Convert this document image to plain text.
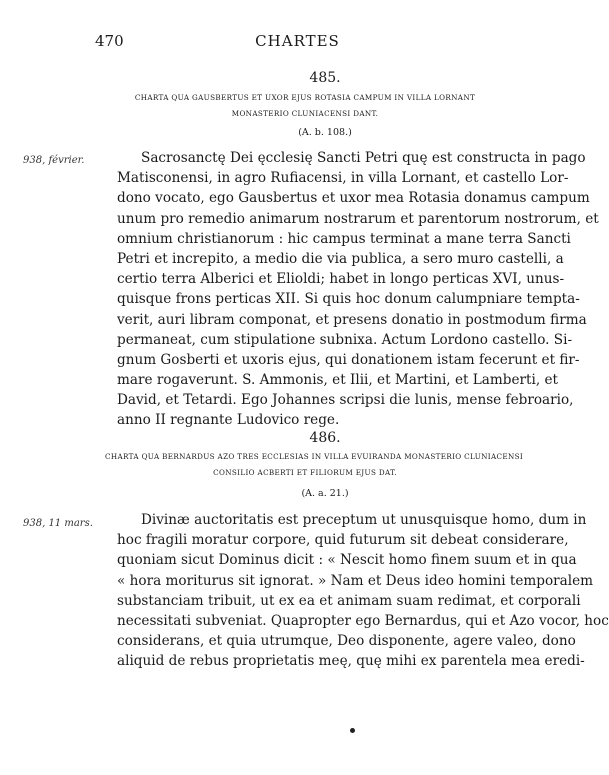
470	CHARTES
485.
CHARTA QUA GAUSBERTUS ET UXOR EJUS ROTASIA CAMPUM IN VILLA LORNANT
MONASTERIO CLUNIACENSI DANT.
(A. b. 108.)
938, février.	Sacrosanctę Dei ęcclesię Sancti Petri quę est constructa in pago
Matisconensi, in agro Rufiacensi, in villa Lornant, et castello Lor-
dono vocato, ego Gausbertus et uxor mea Rotasia donamus campum
unum pro remedio animarum nostrarum et parentorum nostrorum, et
omnium christianorum : hic campus terminat a mane terra Sancti
Petri et increpito, a medio die via publica, a sero muro castelli, a
certio terra Alberici et Elioldi; habet in longo perticas XVI, unus-
quisque frons perticas XII. Si quis hoc donum calumpniare tempta-
verit, auri libram componat, et presens donatio in postmodum firma
permaneat, cum stipulatione subnixa. Actum Lordono castello. Si-
gnum Gosberti et uxoris ejus, qui donationem istam fecerunt et fir-
mare rogaverunt. S. Ammonis, et Ilii, et Martini, et Lamberti, et
David, et Tetardi. Ego Johannes scripsi die lunis, mense febroario,
anno II regnante Ludovico rege.
486.
CHARTA QUA BERNARDUS AZO TRES ECCLESIAS IN VILLA EVUIRANDA MONASTERIO CLUNIACENSI
CONSILIO ACBERTI ET FILIORUM EJUS DAT.
(A. a. 21.)
938, 11 mars.	Divinæ auctoritatis est preceptum ut unusquisque homo, dum in
hoc fragili moratur corpore, quid futurum sit debeat considerare,
quoniam sicut Dominus dicit : « Nescit homo finem suum et in qua
« hora moriturus sit ignorat. » Nam et Deus ideo homini temporalem
substanciam tribuit, ut ex ea et animam suam redimat, et corporali
necessitati subveniat. Quapropter ego Bernardus, qui et Azo vocor, hoc
considerans, et quia utrumque, Deo disponente, agere valeo, dono
aliquid de rebus proprietatis meę, quę mihi ex parentela mea eredi-
